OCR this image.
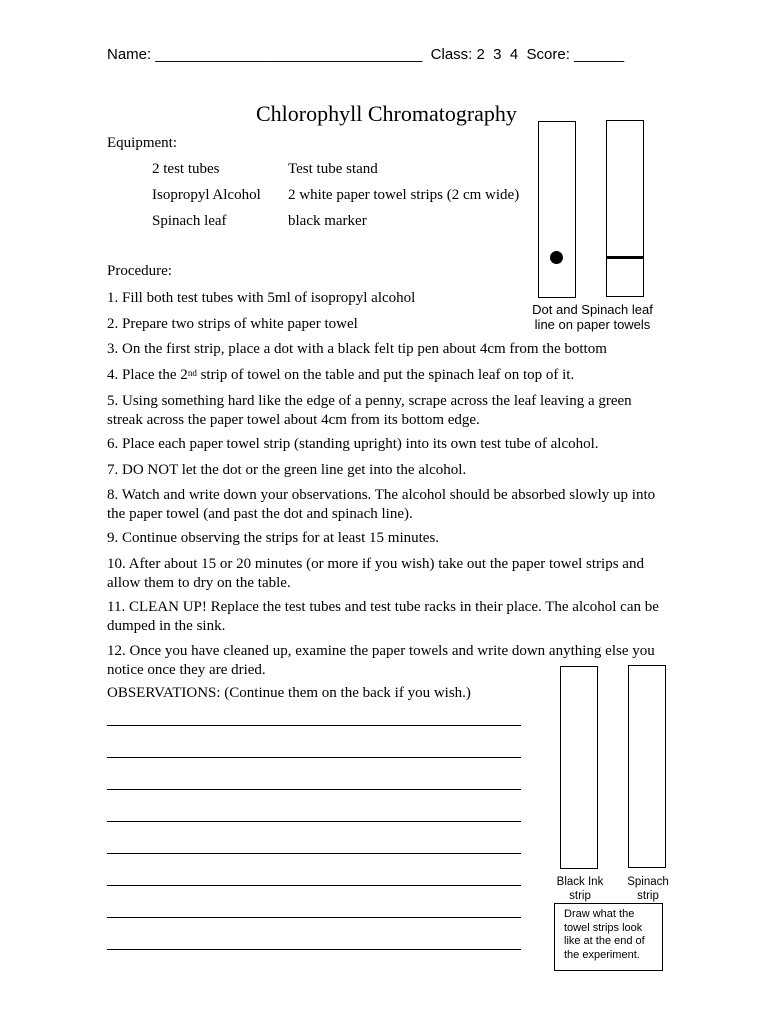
Name: ________________________________ Class: 2  3  4 Score: ______
Chlorophyll Chromatography
Equipment:
2 test tubes	Test tube stand
Isopropyl Alcohol 2 white paper towel strips (2 cm wide)
Spinach leaf	black marker
Dot and Spinach leaf
line on paper towels
Procedure:
1. Fill both test tubes with 5ml of isopropyl alcohol
2. Prepare two strips of white paper towel
3. On the first strip, place a dot with a black felt tip pen about 4cm from the bottom
4. Place the 2nd strip of towel on the table and put the spinach leaf on top of it.
5. Using something hard like the edge of a penny, scrape across the leaf leaving a green streak across the paper towel about 4cm from its bottom edge.
6. Place each paper towel strip (standing upright) into its own test tube of alcohol.
7. DO NOT let the dot or the green line get into the alcohol.
8. Watch and write down your observations. The alcohol should be absorbed slowly up into the paper towel (and past the dot and spinach line).
9. Continue observing the strips for at least 15 minutes.
10. After about 15 or 20 minutes (or more if you wish) take out the paper towel strips and allow them to dry on the table.
11. CLEAN UP! Replace the test tubes and test tube racks in their place. The alcohol can be dumped in the sink.
12. Once you have cleaned up, examine the paper towels and write down anything else you notice once they are dried.
OBSERVATIONS: (Continue them on the back if you wish.)
Black Ink
strip
Spinach
strip
Draw what the towel strips look like at the end of the experiment.
